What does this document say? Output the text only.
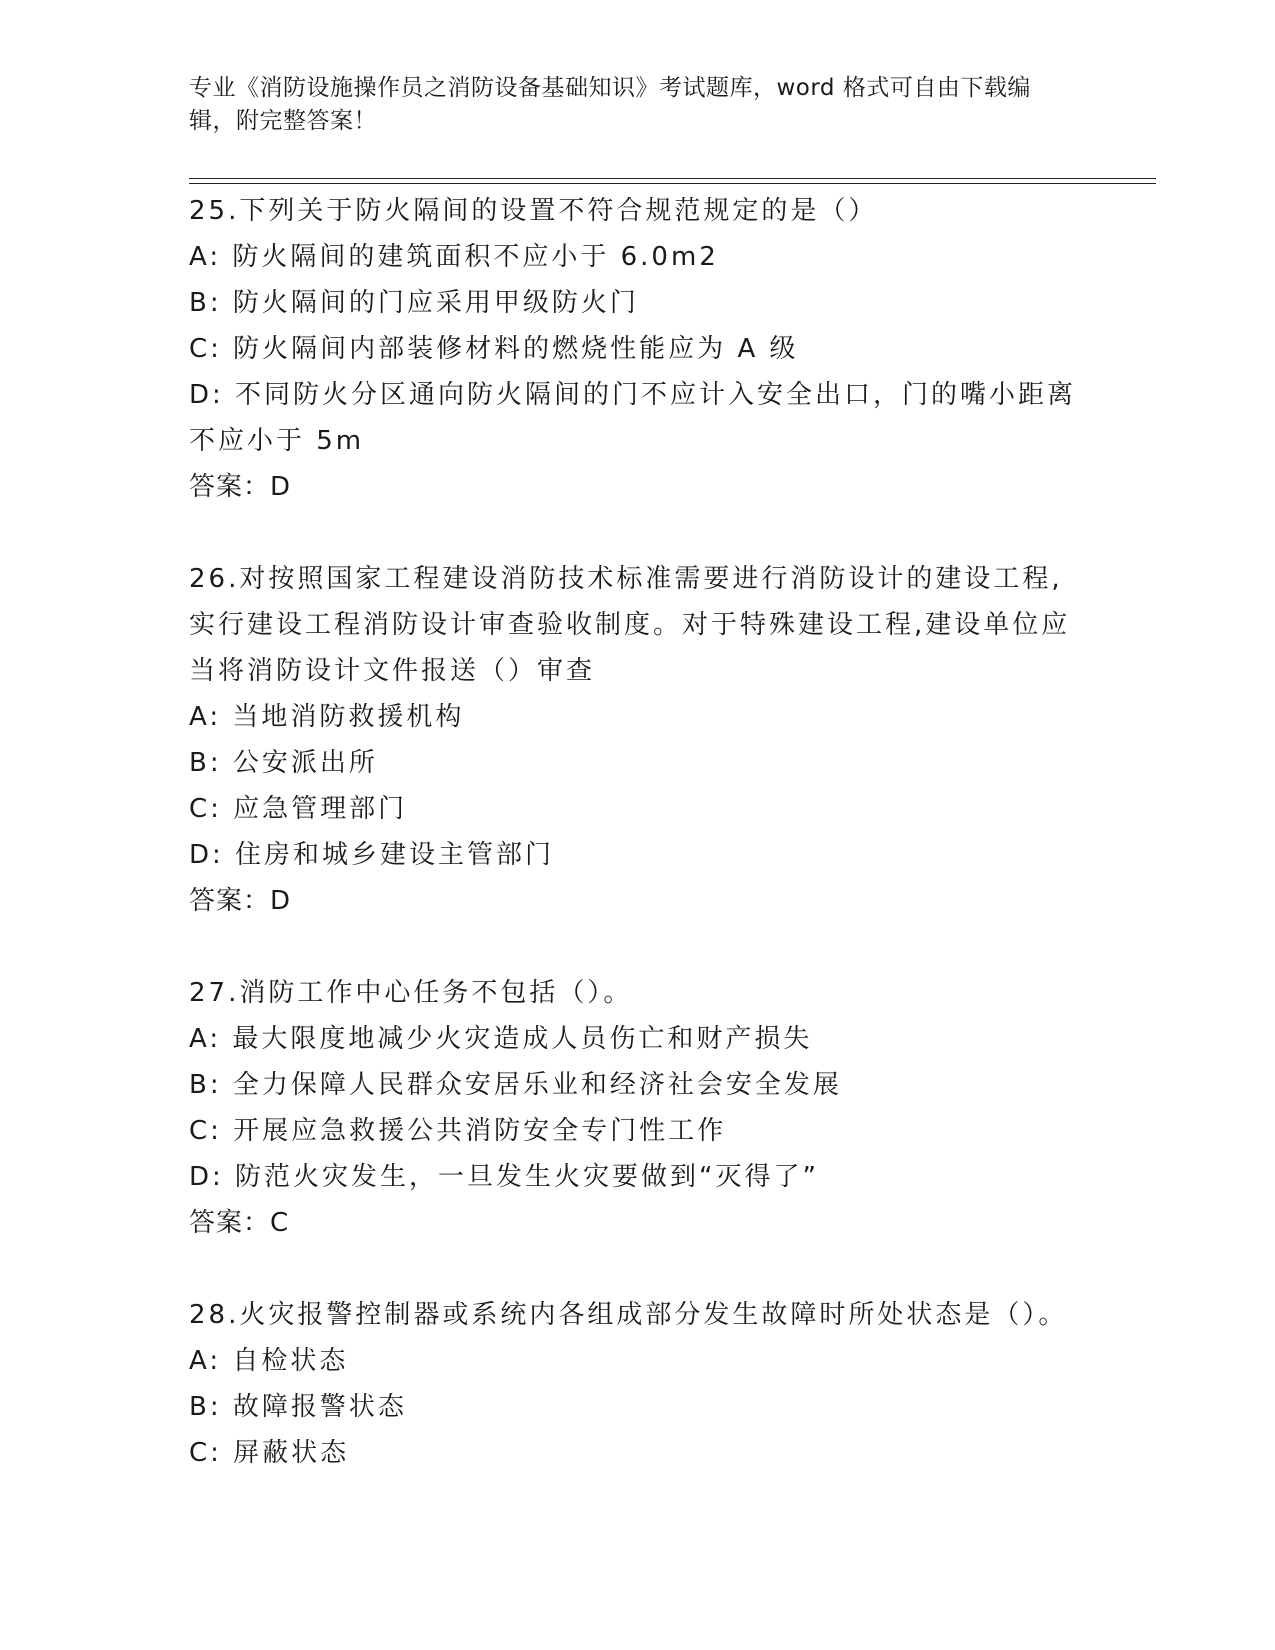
专业《消防设施操作员之消防设备基础知识》考试题库，word 格式可自由下载编
辑，附完整答案！
25.下列关于防火隔间的设置不符合规范规定的是（）
A: 防火隔间的建筑面积不应小于 6.0m2
B: 防火隔间的门应采用甲级防火门
C: 防火隔间内部装修材料的燃烧性能应为 A 级
D: 不同防火分区通向防火隔间的门不应计入安全出口，门的嘴小距离
不应小于 5m
答案：D
26.对按照国家工程建设消防技术标准需要进行消防设计的建设工程,
实行建设工程消防设计审查验收制度。对于特殊建设工程,建设单位应
当将消防设计文件报送（）审查
A: 当地消防救援机构
B: 公安派出所
C: 应急管理部门
D: 住房和城乡建设主管部门
答案：D
27.消防工作中心任务不包括（）。
A: 最大限度地减少火灾造成人员伤亡和财产损失
B: 全力保障人民群众安居乐业和经济社会安全发展
C: 开展应急救援公共消防安全专门性工作
D: 防范火灾发生，一旦发生火灾要做到“灭得了”
答案：C
28.火灾报警控制器或系统内各组成部分发生故障时所处状态是（）。
A: 自检状态
B: 故障报警状态
C: 屏蔽状态
